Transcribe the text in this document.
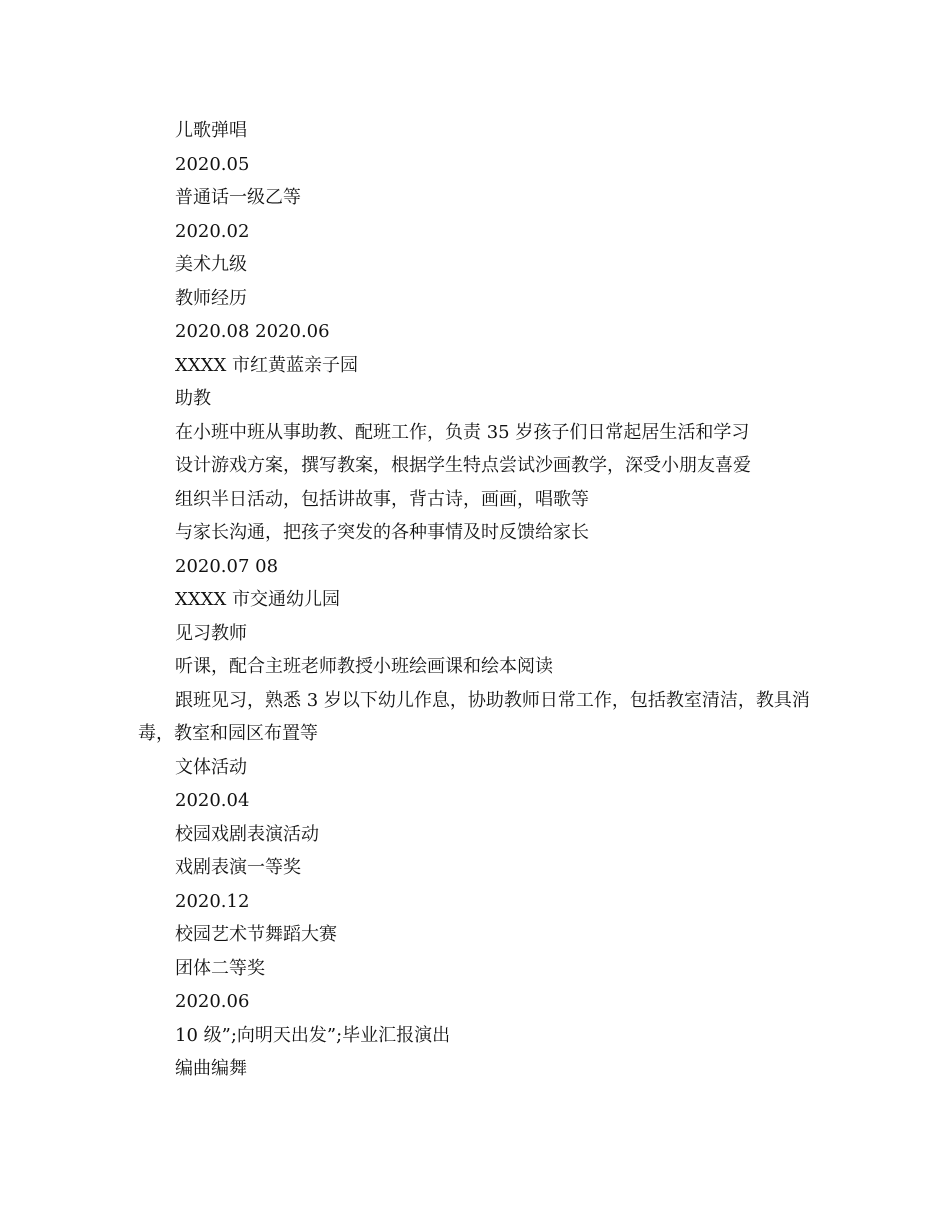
儿歌弹唱
2020.05
普通话一级乙等
2020.02
美术九级
教师经历
2020.08 2020.06
XXXX 市红黄蓝亲子园
助教
在小班中班从事助教、配班工作，负责 35 岁孩子们日常起居生活和学习
设计游戏方案，撰写教案，根据学生特点尝试沙画教学，深受小朋友喜爱
组织半日活动，包括讲故事，背古诗，画画，唱歌等
与家长沟通，把孩子突发的各种事情及时反馈给家长
2020.07 08
XXXX 市交通幼儿园
见习教师
听课，配合主班老师教授小班绘画课和绘本阅读
跟班见习，熟悉 3 岁以下幼儿作息，协助教师日常工作，包括教室清洁，教具消毒，教室和园区布置等
文体活动
2020.04
校园戏剧表演活动
戏剧表演一等奖
2020.12
校园艺术节舞蹈大赛
团体二等奖
2020.06
10 级”;向明天出发”;毕业汇报演出
编曲编舞
